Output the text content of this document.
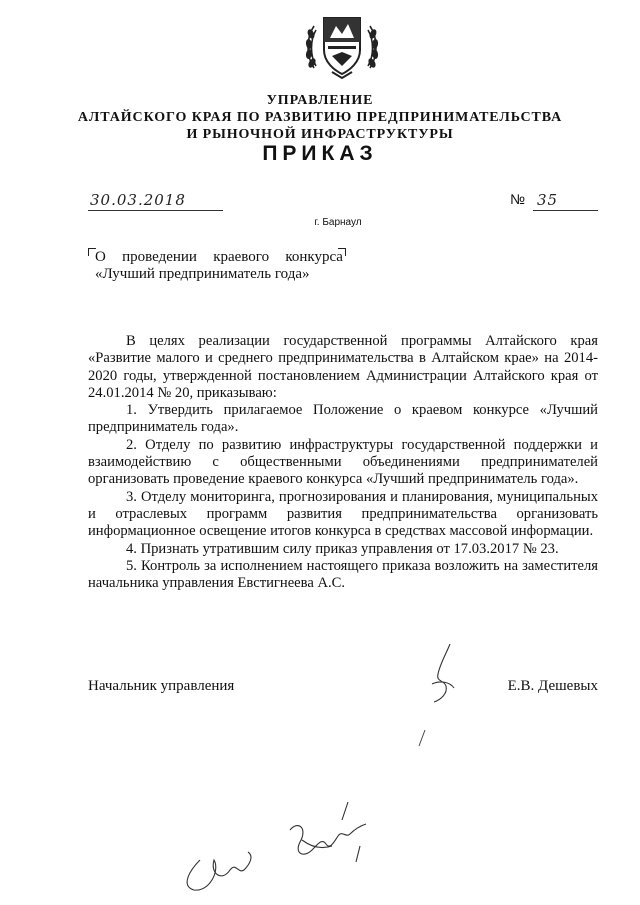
УПРАВЛЕНИЕ
АЛТАЙСКОГО КРАЯ ПО РАЗВИТИЮ ПРЕДПРИНИМАТЕЛЬСТВА
И РЫНОЧНОЙ ИНФРАСТРУКТУРЫ
ПРИКАЗ
30.03.2018	№ 35
г. Барнаул
О проведении краевого конкурса
«Лучший предприниматель года»

В целях реализации государственной программы Алтайского края «Развитие малого и среднего предпринимательства в Алтайском крае» на 2014-2020 годы, утвержденной постановлением Администрации Алтайского края от 24.01.2014 № 20, приказываю:

1. Утвердить прилагаемое Положение о краевом конкурсе «Лучший предприниматель года».

2. Отделу по развитию инфраструктуры государственной поддержки и взаимодействию с общественными объединениями предпринимателей организовать проведение краевого конкурса «Лучший предприниматель года».

3. Отделу мониторинга, прогнозирования и планирования, муниципальных и отраслевых программ развития предпринимательства организовать информационное освещение итогов конкурса в средствах массовой информации.

4. Признать утратившим силу приказ управления от 17.03.2017 № 23.

5. Контроль за исполнением настоящего приказа возложить на заместителя начальника управления Евстигнеева А.С.

Начальник управления	Е.В. Дешевых
